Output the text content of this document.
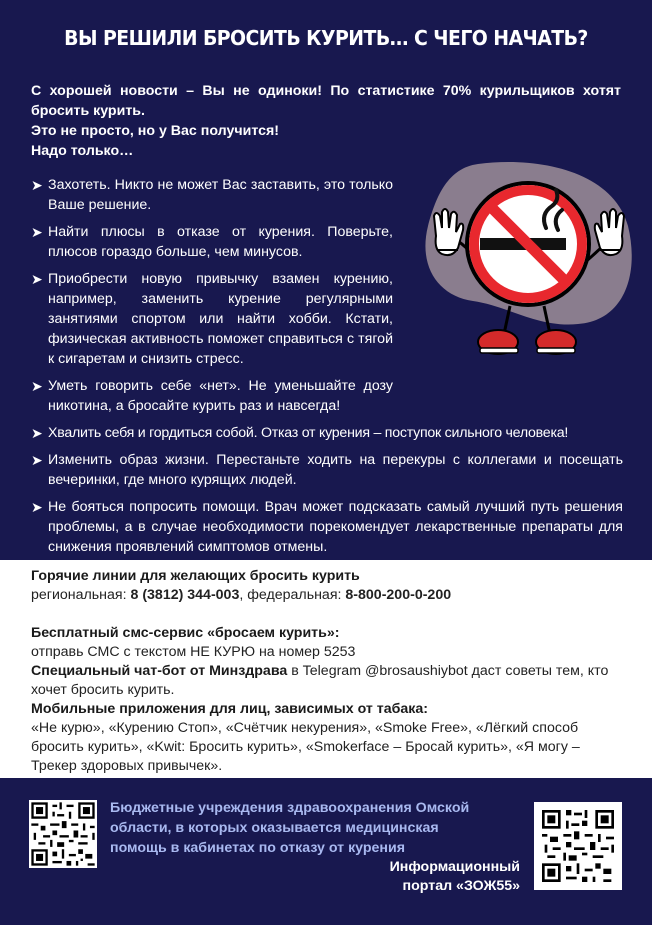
ВЫ РЕШИЛИ БРОСИТЬ КУРИТЬ… С ЧЕГО НАЧАТЬ?
С хорошей новости – Вы не одиноки! По статистике 70% курильщиков хотят бросить курить.
Это не просто, но у Вас получится!
Надо только…
➤ Захотеть. Никто не может Вас заставить, это только Ваше решение.
➤ Найти плюсы в отказе от курения. Поверьте, плюсов гораздо больше, чем минусов.
➤ Приобрести новую привычку взамен курению, например, заменить курение регулярными занятиями спортом или найти хобби. Кстати, физическая активность поможет справиться с тягой к сигаретам и снизить стресс.
➤ Уметь говорить себе «нет». Не уменьшайте дозу никотина, а бросайте курить раз и навсегда!
➤ Хвалить себя и гордиться собой. Отказ от курения – поступок сильного человека!
➤ Изменить образ жизни. Перестаньте ходить на перекуры с коллегами и посещать вечеринки, где много курящих людей.
➤ Не бояться попросить помощи. Врач может подсказать самый лучший путь решения проблемы, а в случае необходимости порекомендует лекарственные препараты для снижения проявлений симптомов отмены.
Горячие линии для желающих бросить курить
региональная: 8 (3812) 344-003, федеральная: 8-800-200-0-200
Бесплатный смс-сервис «бросаем курить»:
отправь СМС с текстом НЕ КУРЮ на номер 5253
Специальный чат-бот от Минздрава в Telegram @brosaushiybot даст советы тем, кто хочет бросить курить.
Мобильные приложения для лиц, зависимых от табака:
«Не курю», «Курению Стоп», «Счётчик некурения», «Smoke Free», «Лёгкий способ бросить курить», «Kwit: Бросить курить», «Smokerface – Бросай курить», «Я могу – Трекер здоровых привычек».
Бюджетные учреждения здравоохранения Омской области, в которых оказывается медицинская помощь в кабинетах по отказу от курения
Информационный портал «ЗОЖ55»
